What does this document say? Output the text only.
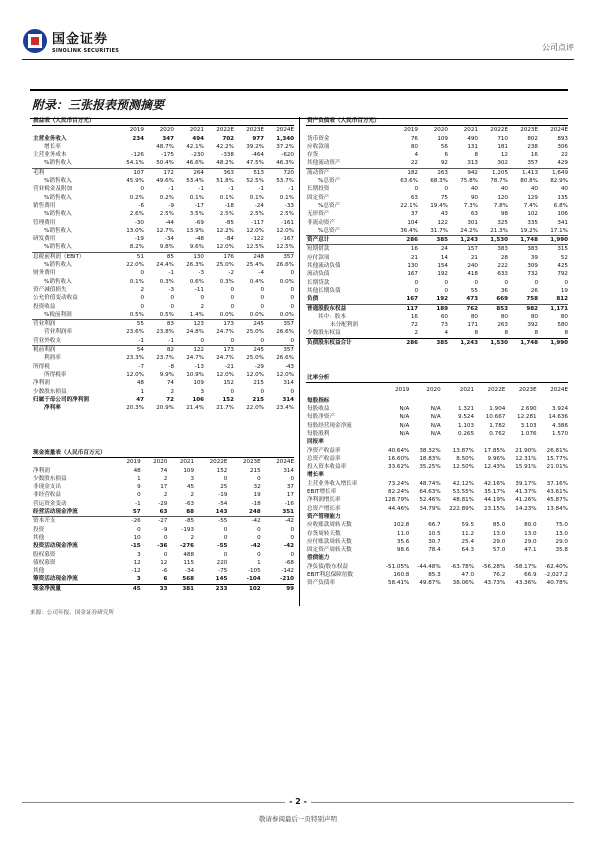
国金证券
SINOLINK SECURITIES	公司点评
附录：三张报表预测摘要
损益表（人民币百万元）						
	2019	2020	2021	2022E	2023E	2024E
主营业务收入	234	347	494	702	977	1,340
增长率		48.7%	42.1%	42.2%	39.2%	37.2%
主营业务成本	-126	-175	-230	-338	-464	-620
%销售收入	54.1%	50.4%	46.6%	48.2%	47.5%	46.3%
毛利	107	172	264	363	513	720
%销售收入	45.9%	49.6%	53.4%	51.8%	52.5%	53.7%
营业税金及附加	0	-1	-1	-1	-1	-1
%销售收入	0.2%	0.2%	0.1%	0.1%	0.1%	0.1%
销售费用	-6	-9	-17	-18	-24	-33
%销售收入	2.6%	2.5%	3.5%	2.5%	2.5%	2.5%
管理费用	-30	-44	-69	-85	-117	-161
%销售收入	13.0%	12.7%	13.9%	12.2%	12.0%	12.0%
研发费用	-19	-34	-48	-84	-122	-167
%销售收入	8.2%	9.8%	9.6%	12.0%	12.5%	12.5%
息税前利润（EBIT）	51	85	130	176	248	357
%销售收入	22.0%	24.4%	26.3%	25.0%	25.4%	26.6%
财务费用	0	-1	-3	-2	-4	0
%销售收入	0.1%	0.3%	0.6%	0.3%	0.4%	0.0%
资产减值损失	2	-3	-11	0	0	0
公允价值变动收益	0	0	0	0	0	0
投资收益	0	0	2	0	0	0
%税前利润	0.5%	0.5%	1.4%	0.0%	0.0%	0.0%
营业利润	55	83	123	173	245	357
营业利润率	23.6%	23.8%	24.8%	24.7%	25.0%	26.6%
营业外收支	-1	-1	0	0	0	0
税前利润	54	82	122	173	245	357
利润率	23.3%	23.7%	24.7%	24.7%	25.0%	26.6%
所得税	-7	-8	-13	-21	-29	-43
所得税率	12.0%	9.9%	10.9%	12.0%	12.0%	12.0%
净利润	48	74	109	152	215	314
少数股东损益	1	2	3	0	0	0
归属于母公司的净利润	47	72	106	152	215	314
净利率	20.3%	20.9%	21.4%	21.7%	22.0%	23.4%
现金流量表（人民币百万元）						
	2019	2020	2021	2022E	2023E	2024E
净利润	48	74	109	152	215	314
少数股东损益	1	2	3	0	0	0
非现金支出	9	17	45	25	32	37
非经营收益	0	2	2	-19	19	17
营运资金变动	-1	-29	-63	-54	-18	-16
经营活动现金净流	57	63	88	143	248	351
资本开支	-26	-27	-85	-55	-42	-42
投资	0	-9	-193	0	0	0
其他	10	0	2	0	0	0
投资活动现金净流	-15	-36	-276	-55	-42	-42
股权募资	3	0	488	0	0	0
债权募资	12	12	115	220	1	-68
其他	-12	-6	-34	-75	-105	-142
筹资活动现金净流	3	6	568	145	-104	-210
现金净流量	45	33	381	233	102	99
资产负债表（人民币百万元）						
	2019	2020	2021	2022E	2023E	2024E
货币资金	76	109	490	710	802	893
应收款项	80	56	131	181	238	306
存货	4	6	8	12	16	22
其他流动资产	22	92	313	302	357	429
流动资产	182	263	942	1,205	1,413	1,649
%总资产	63.6%	68.3%	75.8%	78.7%	80.8%	82.9%
长期投资	0	0	40	40	40	40
固定资产	63	75	90	120	129	135
%总资产	22.1%	19.4%	7.3%	7.8%	7.4%	6.8%
无形资产	37	43	63	98	102	106
非流动资产	104	122	301	325	335	341
%总资产	36.4%	31.7%	24.2%	21.3%	19.2%	17.1%
资产总计	286	385	1,243	1,530	1,748	1,990
短期借款	16	24	157	383	383	315
应付款项	21	14	21	28	39	52
其他流动负债	130	154	240	222	309	425
流动负债	167	192	418	633	732	792
长期贷款	0	0	0	0	0	0
其他长期负债	0	0	55	36	26	19
负债	167	192	473	669	758	812
普通股股东权益	117	189	762	853	982	1,171
其中：股本	16	60	80	80	80	80
未分配利润	72	73	171	263	392	580
少数股东权益	2	4	8	8	8	8
负债股东权益合计	286	385	1,243	1,530	1,748	1,990
比率分析						
	2019	2020	2021	2022E	2023E	2024E
每股指标						
每股收益	N/A	N/A	1.321	1.904	2.690	3.924
每股净资产	N/A	N/A	9.524	10.667	12.281	14.636
每股经营现金净流	N/A	N/A	1.103	1.782	3.103	4.386
每股股利	N/A	N/A	0.265	0.762	1.076	1.570
回报率						
净资产收益率	40.64%	38.32%	13.87%	17.85%	21.90%	26.81%
总资产收益率	16.60%	18.83%	8.50%	9.96%	12.31%	15.77%
投入资本收益率	33.62%	35.25%	12.50%	12.43%	15.91%	21.01%
增长率						
主营业务收入增长率	73.24%	48.74%	42.12%	42.16%	39.17%	37.16%
EBIT增长率	82.24%	64.63%	53.55%	35.17%	41.37%	43.61%
净利润增长率	128.79%	52.46%	48.81%	44.19%	41.26%	45.87%
总资产增长率	44.46%	34.79%	222.89%	23.15%	14.23%	13.84%
资产管理能力						
应收账款周转天数	102.8	66.7	59.5	85.0	80.0	75.0
存货周转天数	11.0	10.5	11.2	13.0	13.0	13.0
应付账款周转天数	35.6	30.7	25.4	29.0	29.0	29.0
固定资产周转天数	98.6	78.4	64.3	57.0	47.1	35.8
偿债能力						
净负债/股东权益	-51.05%	-44.48%	-63.78%	-56.28%	-58.17%	-62.40%
EBIT利息保障倍数	160.8	85.3	47.0	76.2	66.9	-2,027.2
资产负债率	58.41%	49.87%	38.06%	43.73%	43.36%	40.78%
来源：公司年报、国金证券研究所
- 2 -
敬请参阅最后一页特别声明
